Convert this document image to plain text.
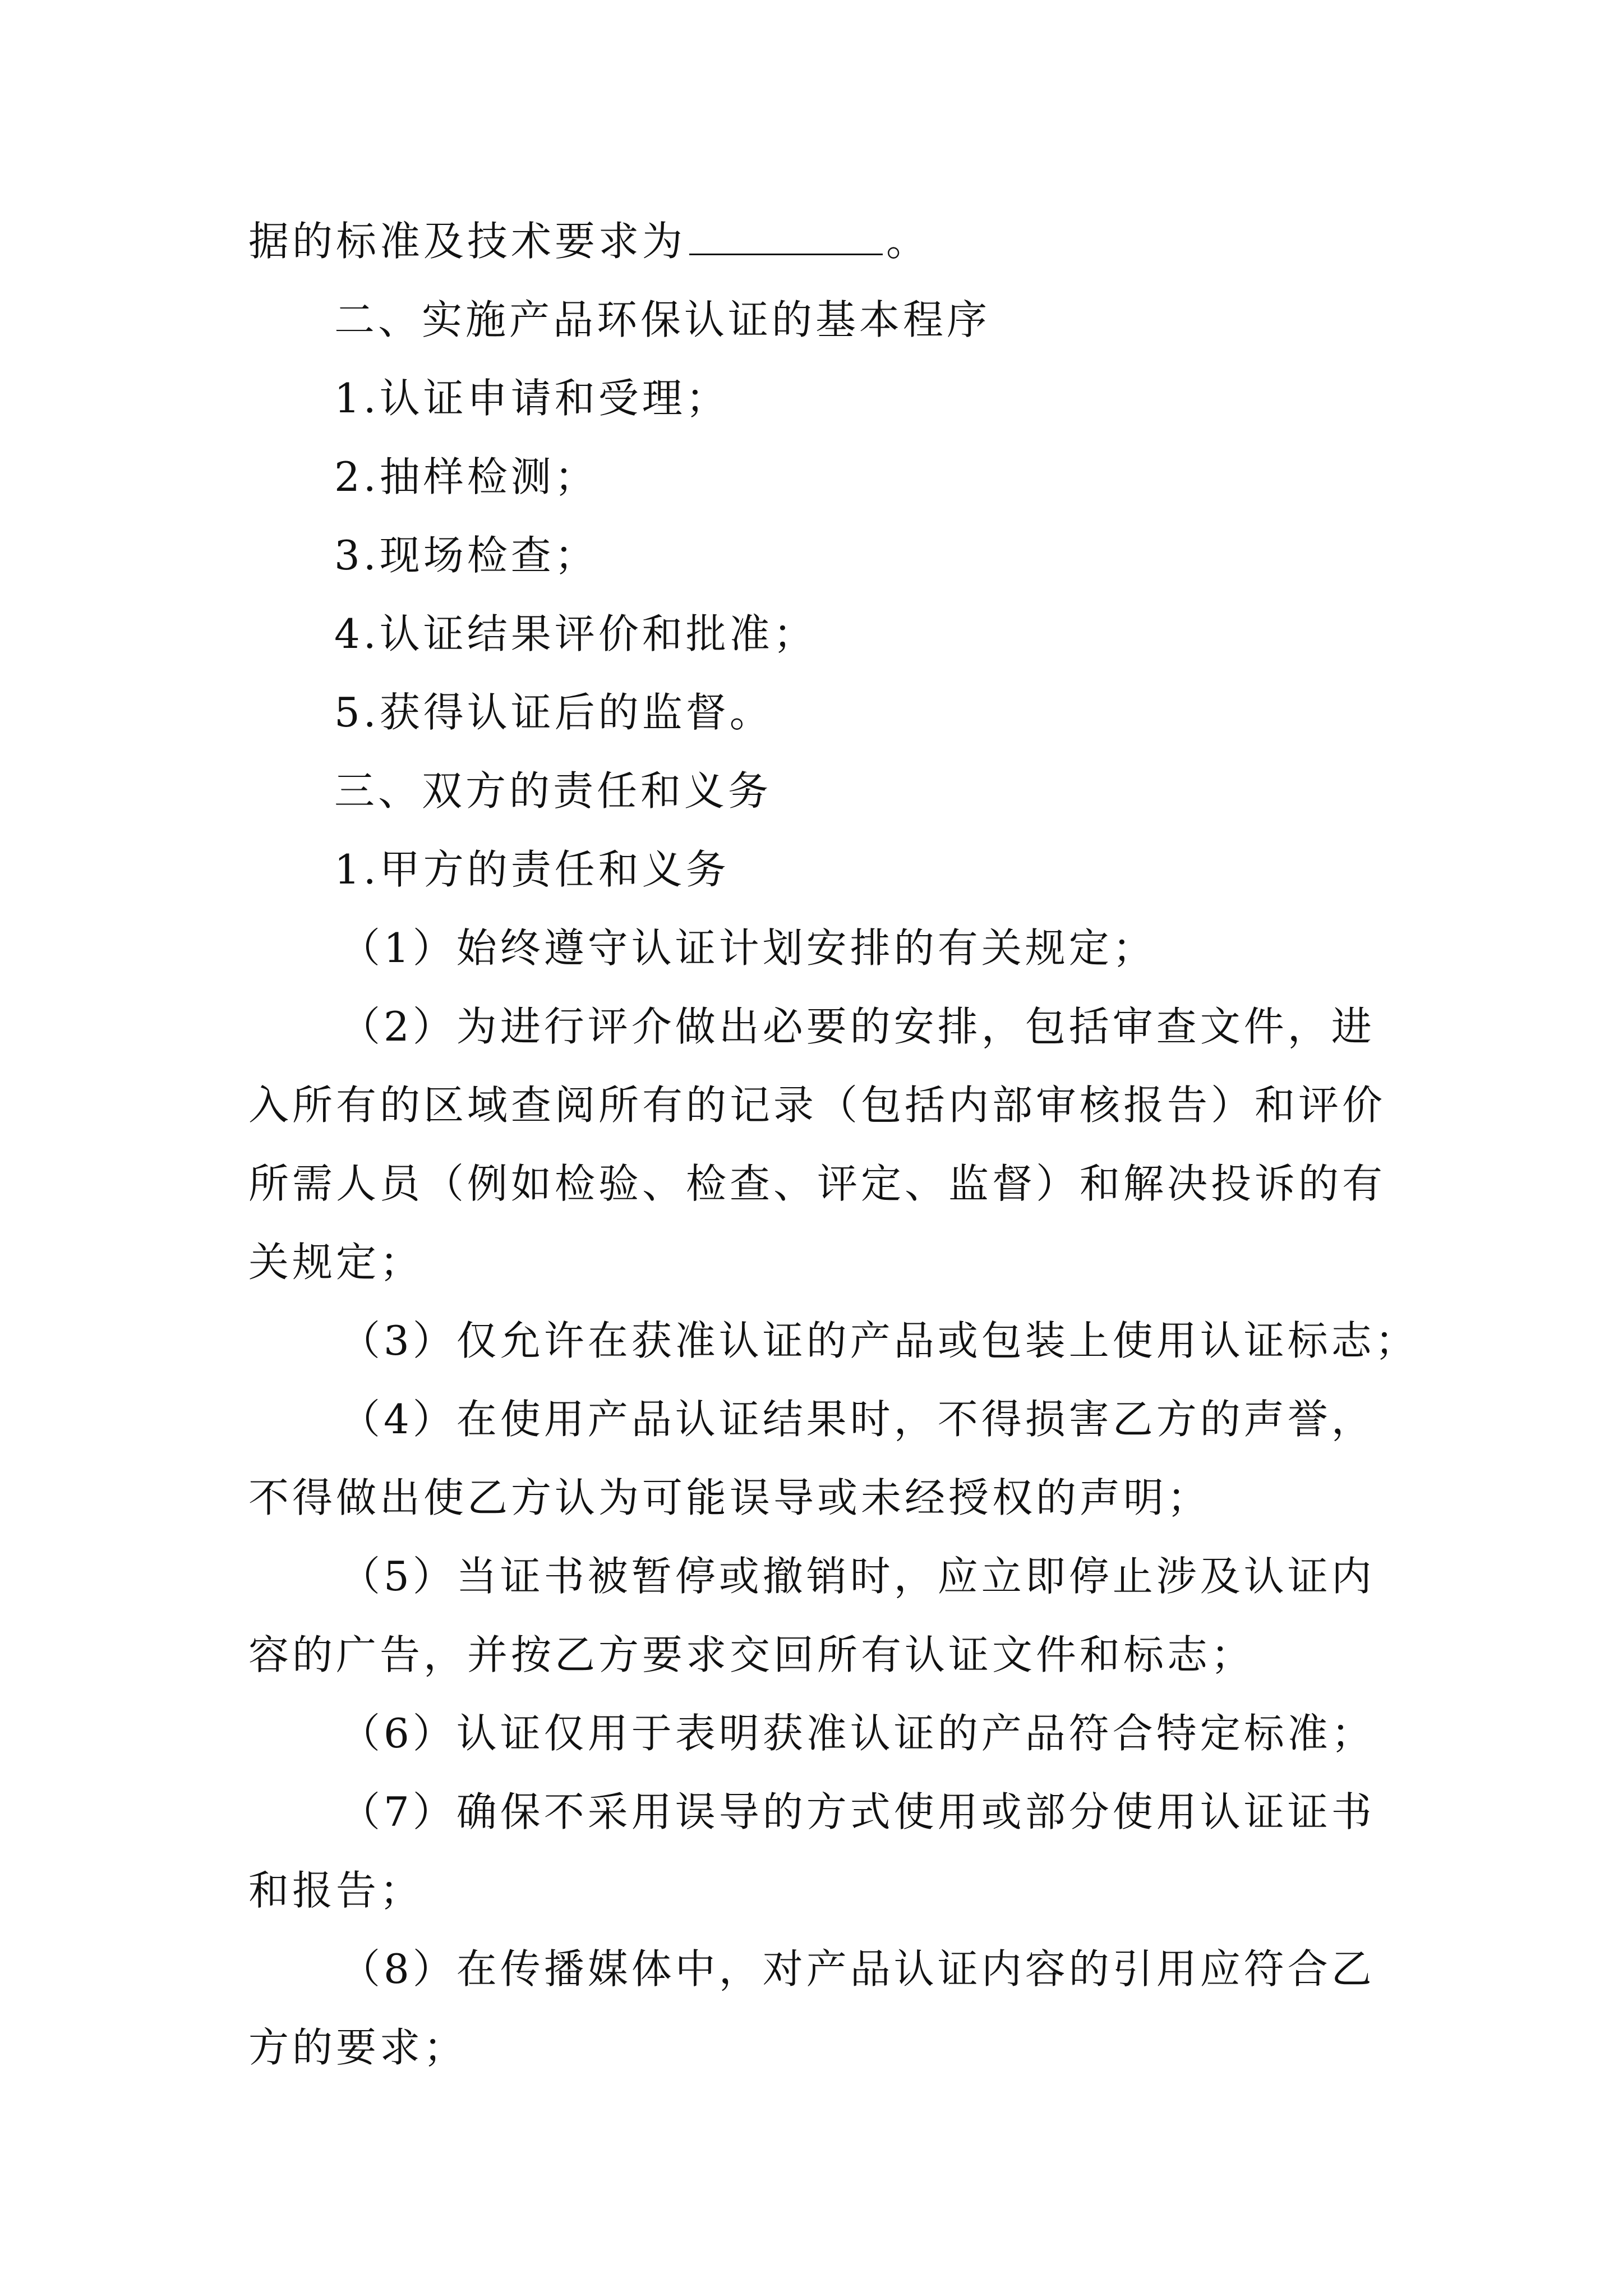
据的标准及技术要求为	。
二、实施产品环保认证的基本程序
1.认证申请和受理；
2.抽样检测；
3.现场检查；
4.认证结果评价和批准；
5.获得认证后的监督。
三、双方的责任和义务
1.甲方的责任和义务
（1）始终遵守认证计划安排的有关规定；
（2）为进行评介做出必要的安排，包括审查文件，进
入所有的区域查阅所有的记录（包括内部审核报告）和评价
所需人员（例如检验、检查、评定、监督）和解决投诉的有
关规定；
（3）仅允许在获准认证的产品或包装上使用认证标志；
（4）在使用产品认证结果时，不得损害乙方的声誉，
不得做出使乙方认为可能误导或未经授权的声明；
（5）当证书被暂停或撤销时，应立即停止涉及认证内
容的广告，并按乙方要求交回所有认证文件和标志；
（6）认证仅用于表明获准认证的产品符合特定标准；
（7）确保不采用误导的方式使用或部分使用认证证书
和报告；
（8）在传播媒体中，对产品认证内容的引用应符合乙
方的要求；
